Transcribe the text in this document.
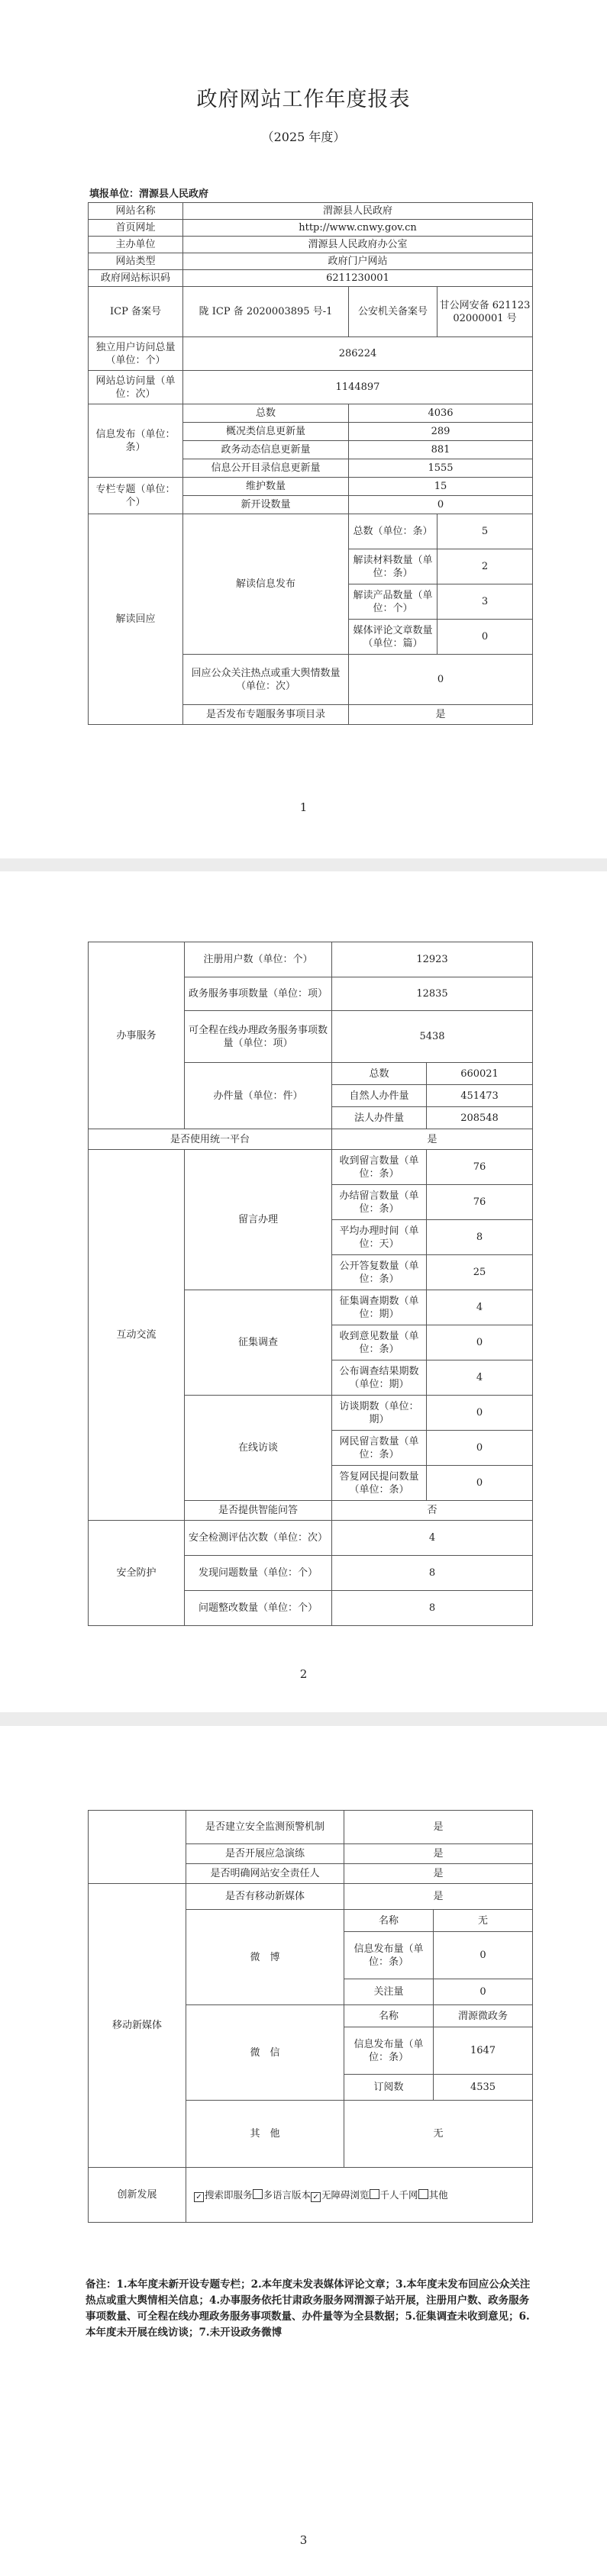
政府网站工作年度报表
（2025 年度）
填报单位：渭源县人民政府
网站名称	渭源县人民政府		
首页网址	http://www.cnwy.gov.cn		
主办单位	渭源县人民政府办公室		
网站类型	政府门户网站		
政府网站标识码	6211230001		
ICP 备案号	陇 ICP 备 2020003895 号-1	公安机关备案号	甘公网安备 62112302000001 号
独立用户访问总量（单位：个）	286224		
网站总访问量（单位：次）	1144897		
信息发布（单位：条）	总数	4036	
	概况类信息更新量	289	
	政务动态信息更新量	881	
	信息公开目录信息更新量	1555	
专栏专题（单位：个）	维护数量	15	
	新开设数量	0	
解读回应	解读信息发布	总数（单位：条）	5
		解读材料数量（单位：条）	2
		解读产品数量（单位：个）	3
		媒体评论文章数量（单位：篇）	0
	回应公众关注热点或重大舆情数量（单位：次）	0	
	是否发布专题服务事项目录	是	
1
办事服务	注册用户数（单位：个）	12923	
	政务服务事项数量（单位：项）	12835	
	可全程在线办理政务服务事项数量（单位：项）	5438	
	办件量（单位：件）	总数	660021
		自然人办件量	451473
		法人办件量	208548
是否使用统一平台		是	
互动交流	留言办理	收到留言数量（单位：条）	76
		办结留言数量（单位：条）	76
		平均办理时间（单位：天）	8
		公开答复数量（单位：条）	25
	征集调查	征集调查期数（单位：期）	4
		收到意见数量（单位：条）	0
		公布调查结果期数（单位：期）	4
	在线访谈	访谈期数（单位：期）	0
		网民留言数量（单位：条）	0
		答复网民提问数量（单位：条）	0
	是否提供智能问答	否	
安全防护	安全检测评估次数（单位：次）	4	
	发现问题数量（单位：个）	8	
	问题整改数量（单位：个）	8	
2
	是否建立安全监测预警机制	是	
	是否开展应急演练	是	
	是否明确网站安全责任人	是	
移动新媒体	是否有移动新媒体	是	
	微　博	名称	无
		信息发布量（单位：条）	0
		关注量	0
	微　信	名称	渭源微政务
		信息发布量（单位：条）	1647
		订阅数	4535
	其　他	无	
创新发展	✓ 搜索即服务 多语言版本 ✓ 无障碍浏览 千人千网 其他		
备注：1.本年度未新开设专题专栏；2.本年度未发表媒体评论文章；3.本年度未发布回应公众关注热点或重大舆情相关信息；4.办事服务依托甘肃政务服务网渭源子站开展，注册用户数、政务服务事项数量、可全程在线办理政务服务事项数量、办件量等为全县数据；5.征集调查未收到意见；6.本年度未开展在线访谈；7.未开设政务微博
3
